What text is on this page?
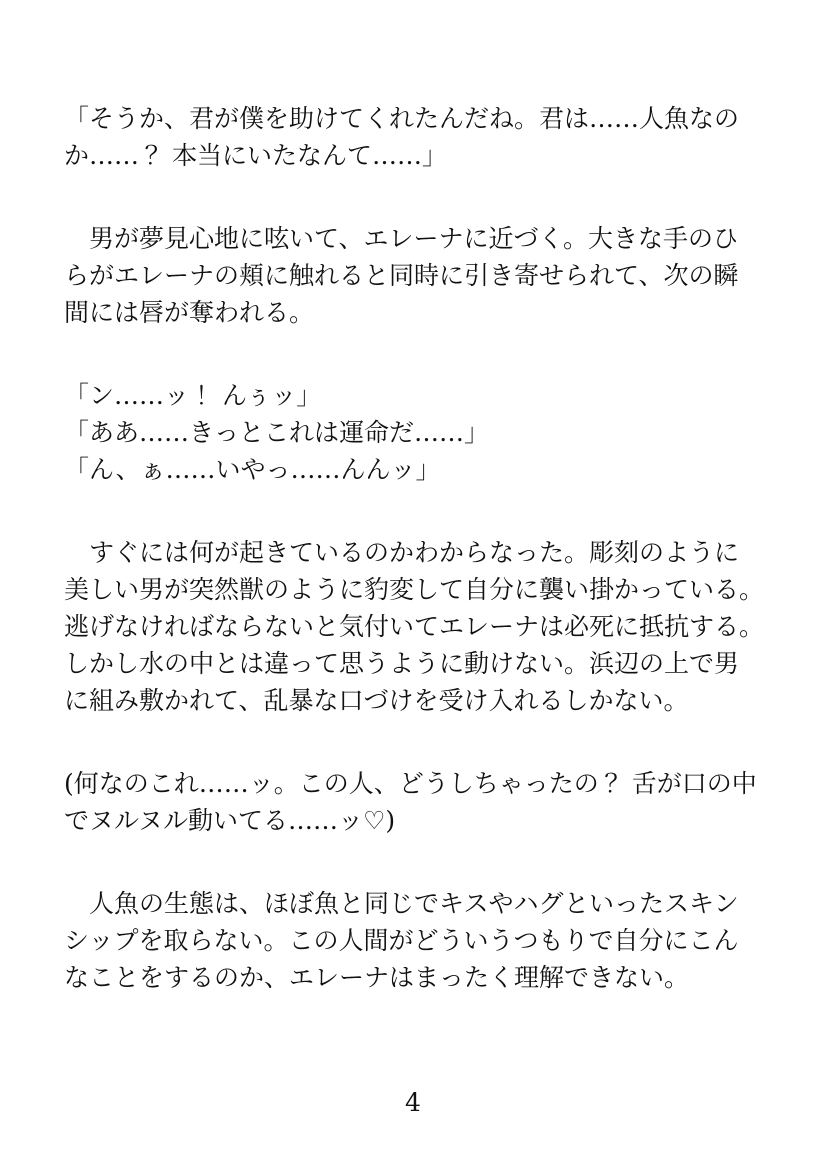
「そうか、君が僕を助けてくれたんだね。君は……人魚なの
か……？ 本当にいたなんて……」
　男が夢見心地に呟いて、エレーナに近づく。大きな手のひ
らがエレーナの頬に触れると同時に引き寄せられて、次の瞬
間には唇が奪われる。
「ン……ッ！ んぅッ」
「ああ……きっとこれは運命だ……」
「ん、ぁ……いやっ……んんッ」
　すぐには何が起きているのかわからなった。彫刻のように
美しい男が突然獣のように豹変して自分に襲い掛かっている。
逃げなければならないと気付いてエレーナは必死に抵抗する。
しかし水の中とは違って思うように動けない。浜辺の上で男
に組み敷かれて、乱暴な口づけを受け入れるしかない。
(何なのこれ……ッ。この人、どうしちゃったの？ 舌が口の中
でヌルヌル動いてる……ッ♡)
　人魚の生態は、ほぼ魚と同じでキスやハグといったスキン
シップを取らない。この人間がどういうつもりで自分にこん
なことをするのか、エレーナはまったく理解できない。
4
